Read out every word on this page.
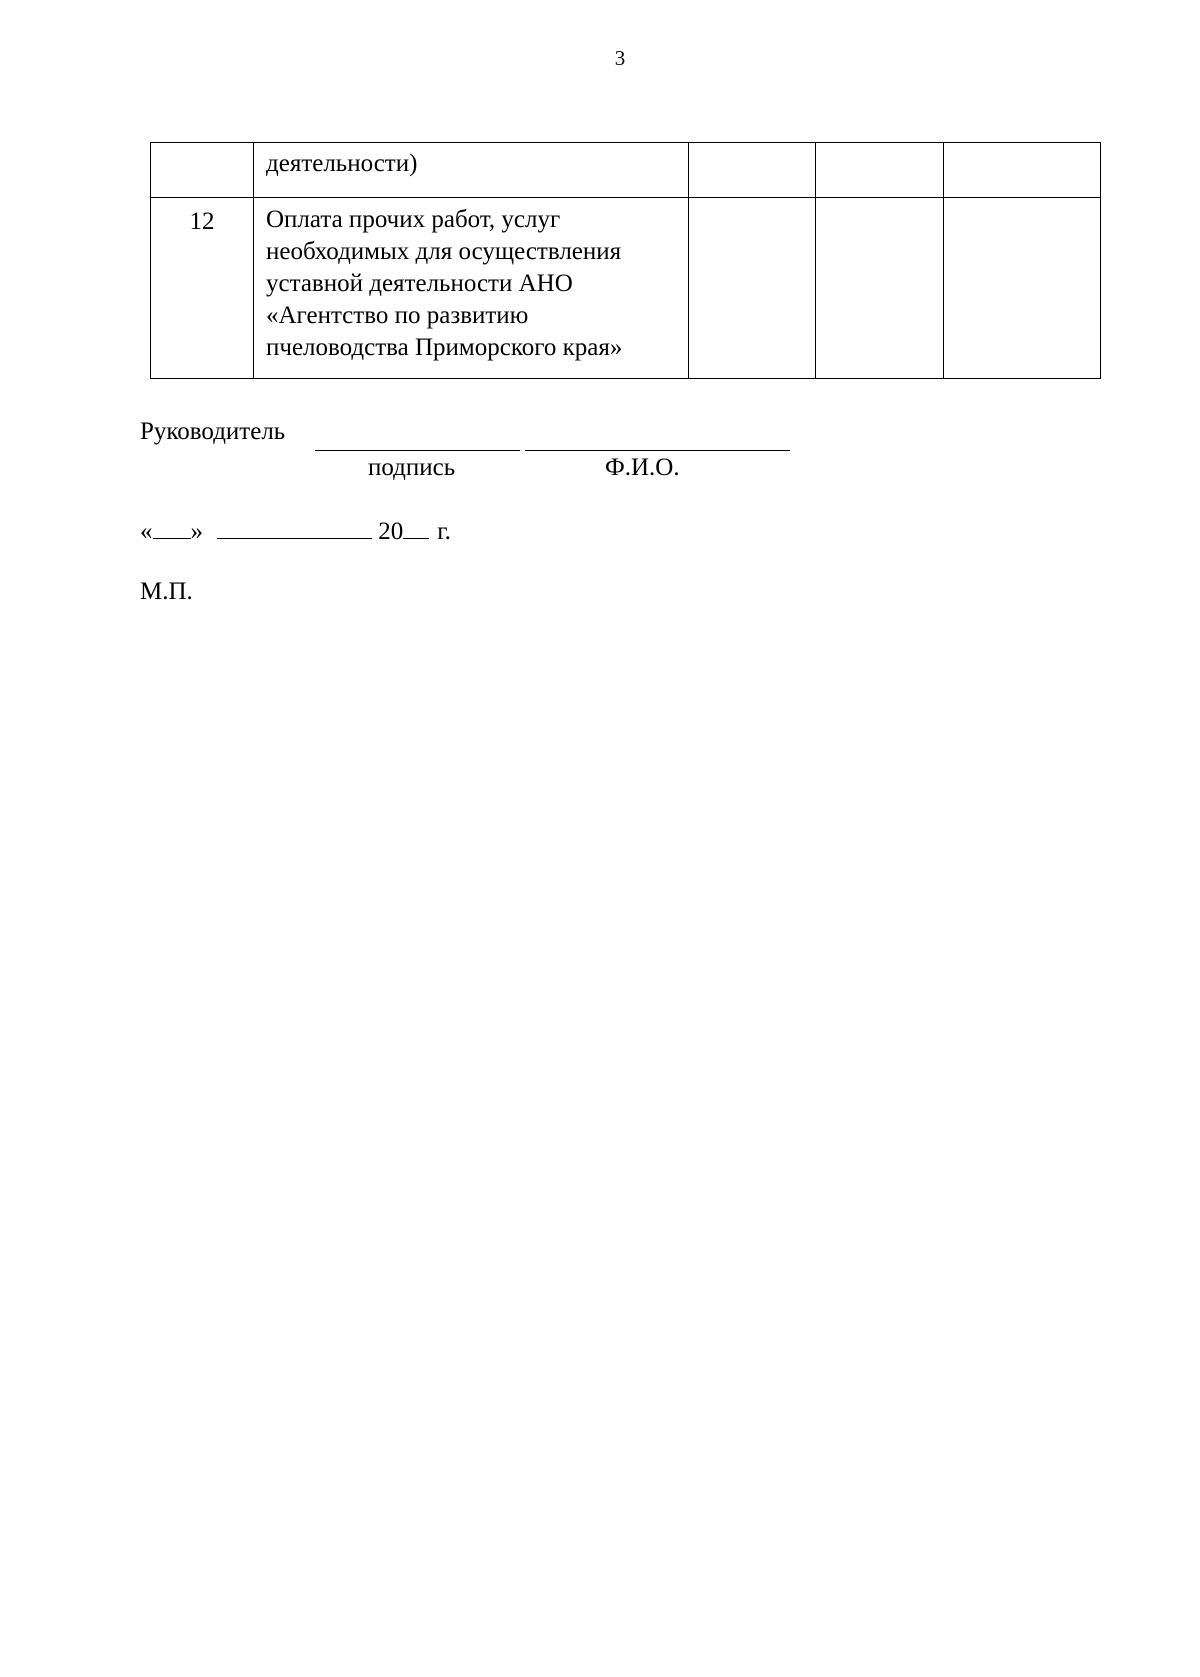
3

	деятельности)			

12	Оплата прочих работ, услуг
необходимых для осуществления
уставной деятельности АНО
«Агентство по развитию
пчеловодства Приморского края»			

Руководитель
подпись	Ф.И.О.
« »	20 г.
М.П.
